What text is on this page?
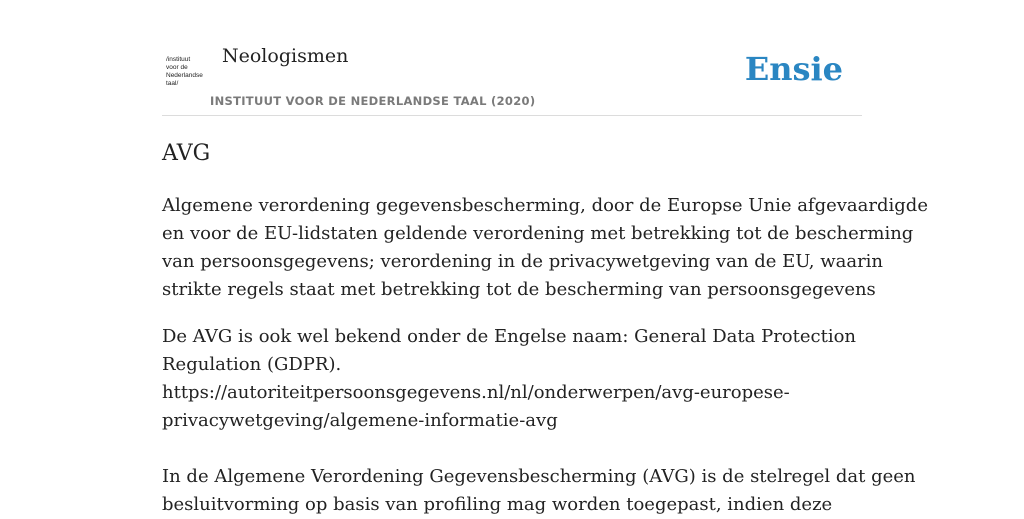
/instituut
voor de
Nederlandse
taal/
Neologismen
INSTITUUT VOOR DE NEDERLANDSE TAAL (2020)
Ensie
AVG

Algemene verordening gegevensbescherming, door de Europse Unie afgevaardigde
en voor de EU-lidstaten geldende verordening met betrekking tot de bescherming
van persoonsgegevens; verordening in de privacywetgeving van de EU, waarin
strikte regels staat met betrekking tot de bescherming van persoonsgegevens

De AVG is ook wel bekend onder de Engelse naam: General Data Protection
Regulation (GDPR).
https://autoriteitpersoonsgegevens.nl/nl/onderwerpen/avg-europese-
privacywetgeving/algemene-informatie-avg

In de Algemene Verordening Gegevensbescherming (AVG) is de stelregel dat geen
besluitvorming op basis van profiling mag worden toegepast, indien deze
